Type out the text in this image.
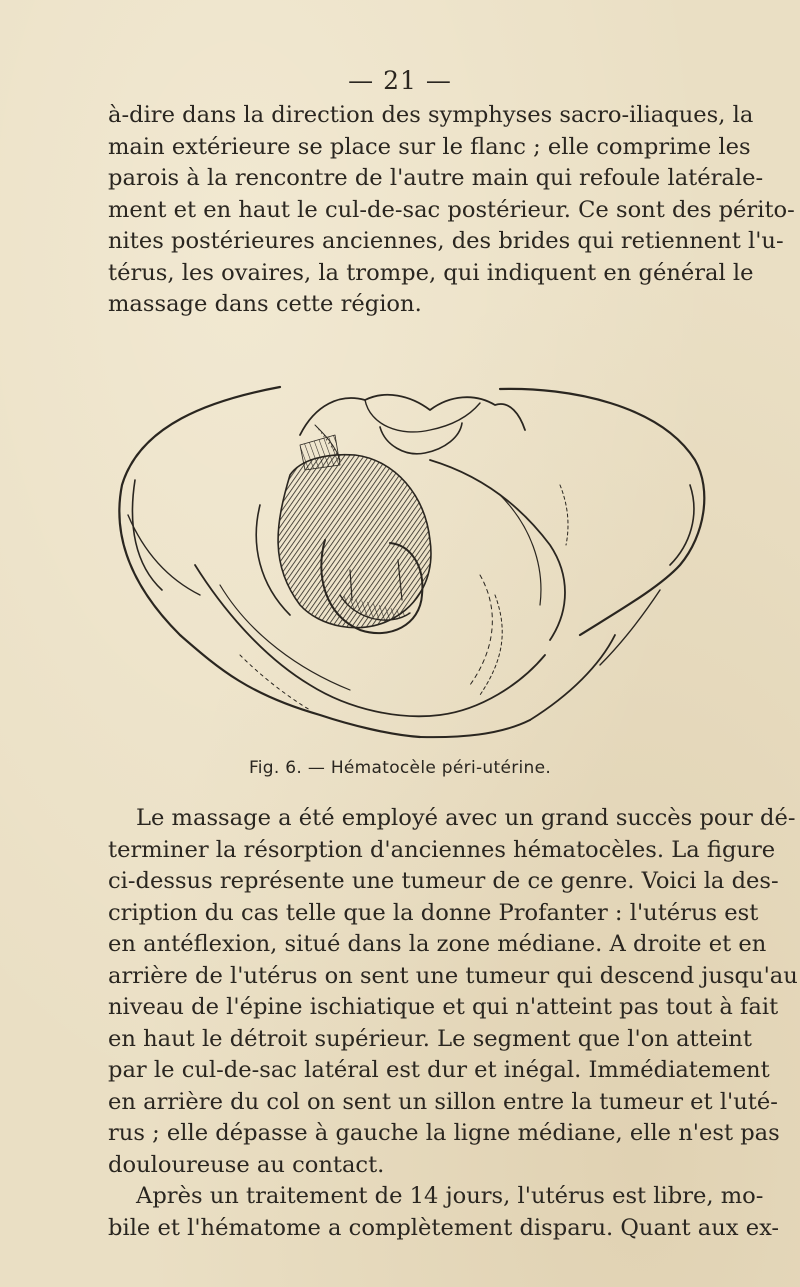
— 21 —
à-dire dans la direction des symphyses sacro-iliaques, la
main extérieure se place sur le flanc ; elle comprime les
parois à la rencontre de l'autre main qui refoule latérale-
ment et en haut le cul-de-sac postérieur. Ce sont des périto-
nites postérieures anciennes, des brides qui retiennent l'u-
térus, les ovaires, la trompe, qui indiquent en général le
massage dans cette région.
Fig. 6. — Hématocèle péri-utérine.
Le massage a été employé avec un grand succès pour dé-
terminer la résorption d'anciennes hématocèles. La figure
ci-dessus représente une tumeur de ce genre. Voici la des-
cription du cas telle que la donne Profanter : l'utérus est
en antéflexion, situé dans la zone médiane. A droite et en
arrière de l'utérus on sent une tumeur qui descend jusqu'au
niveau de l'épine ischiatique et qui n'atteint pas tout à fait
en haut le détroit supérieur. Le segment que l'on atteint
par le cul-de-sac latéral est dur et inégal. Immédiatement
en arrière du col on sent un sillon entre la tumeur et l'uté-
rus ; elle dépasse à gauche la ligne médiane, elle n'est pas
douloureuse au contact.
Après un traitement de 14 jours, l'utérus est libre, mo-
bile et l'hématome a complètement disparu. Quant aux ex-
